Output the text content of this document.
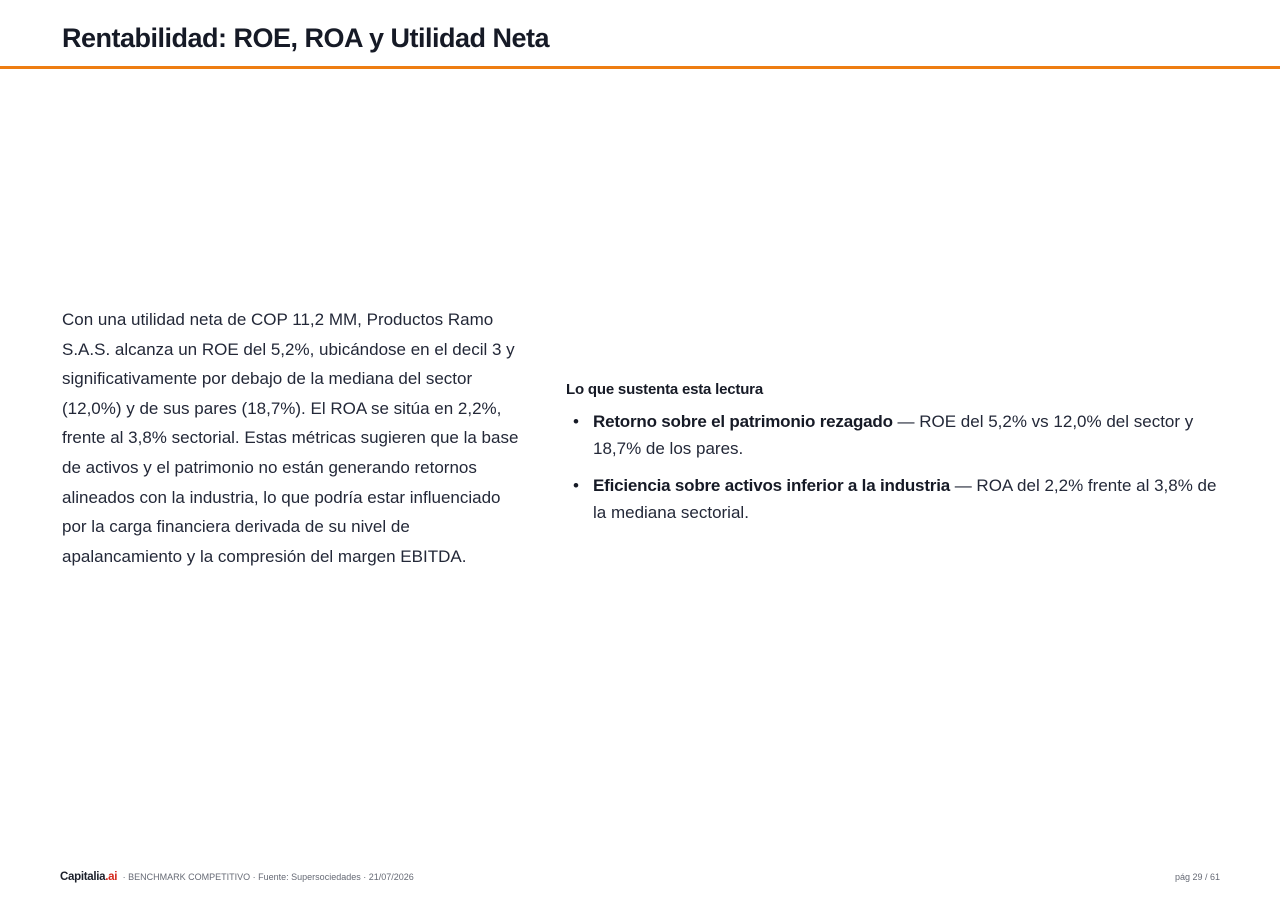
Rentabilidad: ROE, ROA y Utilidad Neta

Con una utilidad neta de COP 11,2 MM, Productos Ramo S.A.S. alcanza un ROE del 5,2%, ubicándose en el decil 3 y significativamente por debajo de la mediana del sector (12,0%) y de sus pares (18,7%). El ROA se sitúa en 2,2%, frente al 3,8% sectorial. Estas métricas sugieren que la base de activos y el patrimonio no están generando retornos alineados con la industria, lo que podría estar influenciado por la carga financiera derivada de su nivel de apalancamiento y la compresión del margen EBITDA.

Lo que sustenta esta lectura
• Retorno sobre el patrimonio rezagado — ROE del 5,2% vs 12,0% del sector y 18,7% de los pares.
• Eficiencia sobre activos inferior a la industria — ROA del 2,2% frente al 3,8% de la mediana sectorial.
Capitalia.ai · BENCHMARK COMPETITIVO · Fuente: Supersociedades · 21/07/2026	pág 29 / 61
